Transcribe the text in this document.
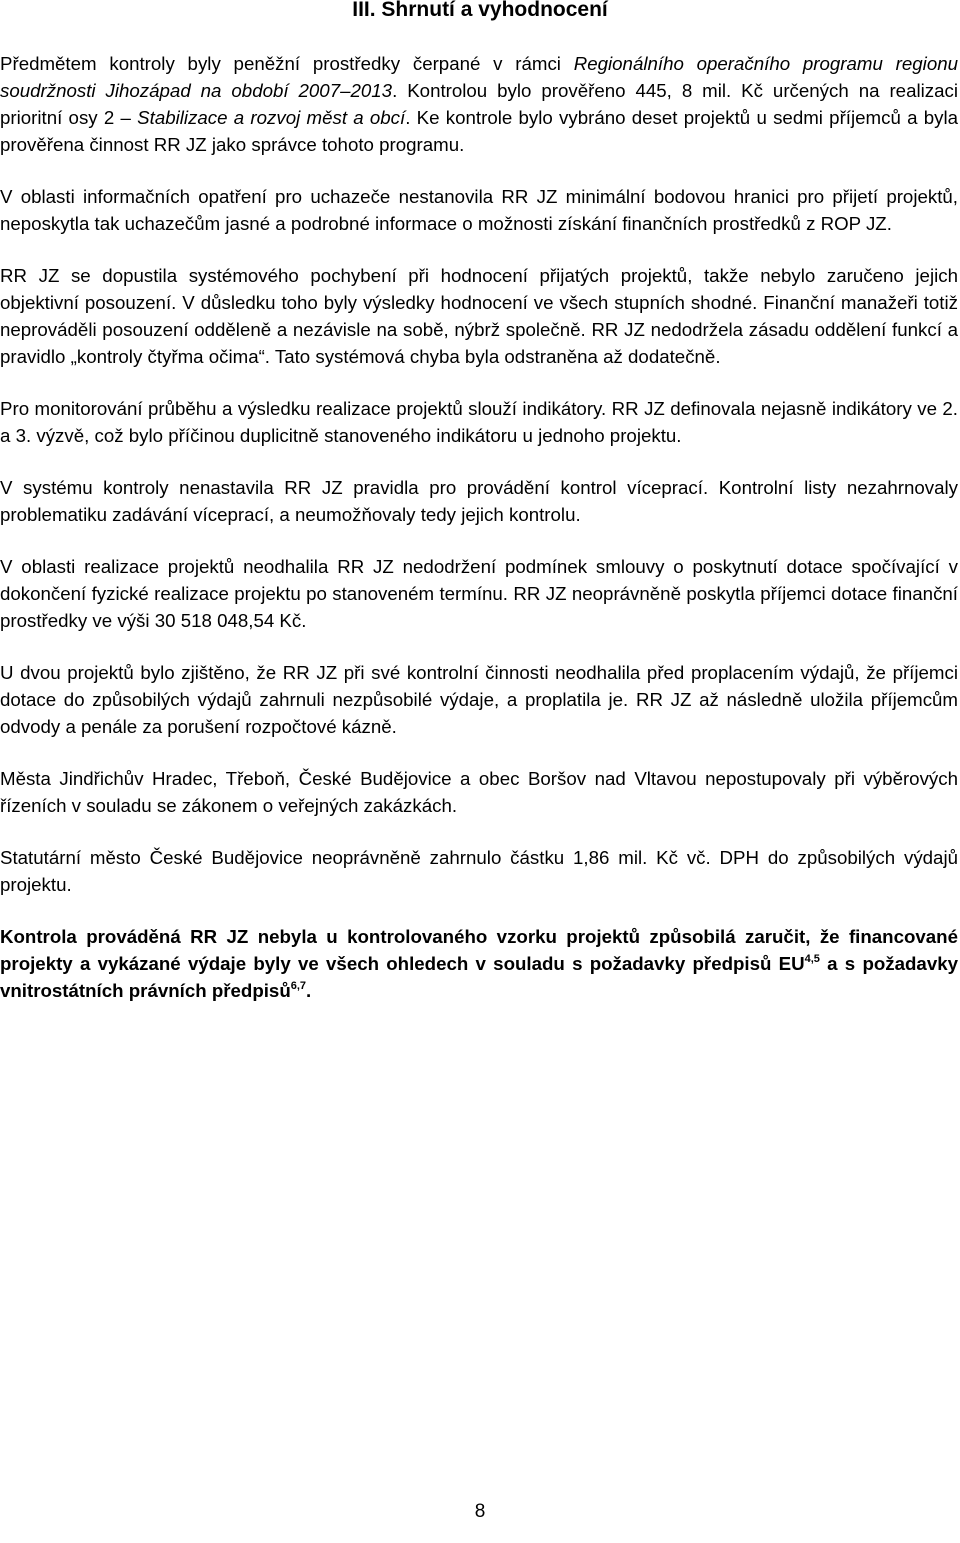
III. Shrnutí a vyhodnocení

Předmětem kontroly byly peněžní prostředky čerpané v rámci Regionálního operačního programu regionu soudržnosti Jihozápad na období 2007–2013. Kontrolou bylo prověřeno 445, 8 mil. Kč určených na realizaci prioritní osy 2 – Stabilizace a rozvoj měst a obcí. Ke kontrole bylo vybráno deset projektů u sedmi příjemců a byla prověřena činnost RR JZ jako správce tohoto programu.

V oblasti informačních opatření pro uchazeče nestanovila RR JZ minimální bodovou hranici pro přijetí projektů, neposkytla tak uchazečům jasné a podrobné informace o možnosti získání finančních prostředků z ROP JZ.

RR JZ se dopustila systémového pochybení při hodnocení přijatých projektů, takže nebylo zaručeno jejich objektivní posouzení. V důsledku toho byly výsledky hodnocení ve všech stupních shodné. Finanční manažeři totiž neprováděli posouzení odděleně a nezávisle na sobě, nýbrž společně. RR JZ nedodržela zásadu oddělení funkcí a pravidlo „kontroly čtyřma očima“. Tato systémová chyba byla odstraněna až dodatečně.

Pro monitorování průběhu a výsledku realizace projektů slouží indikátory. RR JZ definovala nejasně indikátory ve 2. a 3. výzvě, což bylo příčinou duplicitně stanoveného indikátoru u jednoho projektu.

V systému kontroly nenastavila RR JZ pravidla pro provádění kontrol víceprací. Kontrolní listy nezahrnovaly problematiku zadávání víceprací, a neumožňovaly tedy jejich kontrolu.

V oblasti realizace projektů neodhalila RR JZ nedodržení podmínek smlouvy o poskytnutí dotace spočívající v dokončení fyzické realizace projektu po stanoveném termínu. RR JZ neoprávněně poskytla příjemci dotace finanční prostředky ve výši 30 518 048,54 Kč.

U dvou projektů bylo zjištěno, že RR JZ při své kontrolní činnosti neodhalila před proplacením výdajů, že příjemci dotace do způsobilých výdajů zahrnuli nezpůsobilé výdaje, a proplatila je. RR JZ až následně uložila příjemcům odvody a penále za porušení rozpočtové kázně.

Města Jindřichův Hradec, Třeboň, České Budějovice a obec Boršov nad Vltavou nepostupovaly při výběrových řízeních v souladu se zákonem o veřejných zakázkách.

Statutární město České Budějovice neoprávněně zahrnulo částku 1,86 mil. Kč vč. DPH do způsobilých výdajů projektu.

Kontrola prováděná RR JZ nebyla u kontrolovaného vzorku projektů způsobilá zaručit, že financované projekty a vykázané výdaje byly ve všech ohledech v souladu s požadavky předpisů EU$^{4,5}$ a s požadavky vnitrostátních právních předpisů$^{6,7}$.

8
